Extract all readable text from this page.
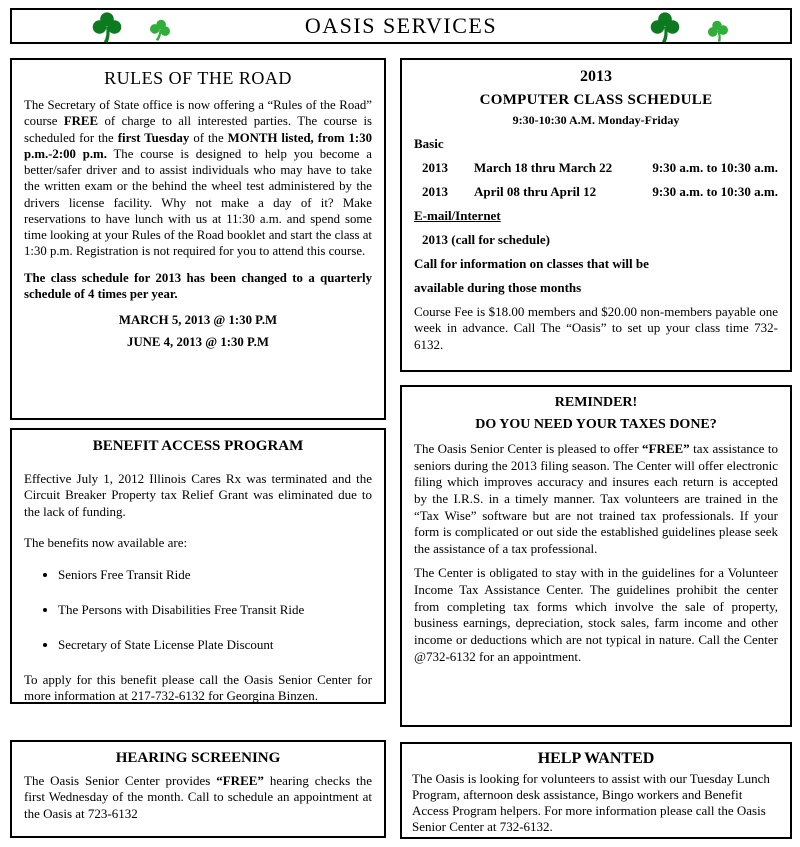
OASIS SERVICES
RULES OF THE ROAD

The Secretary of State office is now offering a “Rules of the Road” course FREE of charge to all interested parties. The course is scheduled for the first Tuesday of the MONTH listed, from 1:30 p.m.-2:00 p.m. The course is designed to help you become a better/safer driver and to assist individuals who may have to take the written exam or the behind the wheel test administered by the drivers license facility. Why not make a day of it? Make reservations to have lunch with us at 11:30 a.m. and spend some time looking at your Rules of the Road booklet and start the class at 1:30 p.m. Registration is not required for you to attend this course.

The class schedule for 2013 has been changed to a quarterly schedule of 4 times per year.

MARCH 5, 2013 @ 1:30 P.M

JUNE 4, 2013 @ 1:30 P.M

BENEFIT ACCESS PROGRAM

Effective July 1, 2012 Illinois Cares Rx was terminated and the Circuit Breaker Property tax Relief Grant was eliminated due to the lack of funding.

The benefits now available are:

• Seniors Free Transit Ride
• The Persons with Disabilities Free Transit Ride
• Secretary of State License Plate Discount

To apply for this benefit please call the Oasis Senior Center for more information at 217-732-6132 for Georgina Binzen.

HEARING SCREENING

The Oasis Senior Center provides “FREE” hearing checks the first Wednesday of the month. Call to schedule an appointment at the Oasis at 723-6132

2013
COMPUTER CLASS SCHEDULE
9:30-10:30 A.M. Monday-Friday
Basic
2013	March 18 thru March 22	9:30 a.m. to 10:30 a.m.
2013	April 08 thru April 12	9:30 a.m. to 10:30 a.m.
E-mail/Internet
2013 (call for schedule)
Call for information on classes that will be
available during those months

Course Fee is $18.00 members and $20.00 non-members payable one week in advance. Call The “Oasis” to set up your class time 732-6132.

REMINDER!
DO YOU NEED YOUR TAXES DONE?

The Oasis Senior Center is pleased to offer “FREE” tax assistance to seniors during the 2013 filing season. The Center will offer electronic filing which improves accuracy and insures each return is accepted by the I.R.S. in a timely manner. Tax volunteers are trained in the “Tax Wise” software but are not trained tax professionals. If your form is complicated or out side the established guidelines please seek the assistance of a tax professional.

The Center is obligated to stay with in the guidelines for a Volunteer Income Tax Assistance Center. The guidelines prohibit the center from completing tax forms which involve the sale of property, business earnings, depreciation, stock sales, farm income and other income or deductions which are not typical in nature. Call the Center @732-6132 for an appointment.

HELP WANTED

The Oasis is looking for volunteers to assist with our Tuesday Lunch Program, afternoon desk assistance, Bingo workers and Benefit Access Program helpers. For more information please call the Oasis Senior Center at 732-6132.
